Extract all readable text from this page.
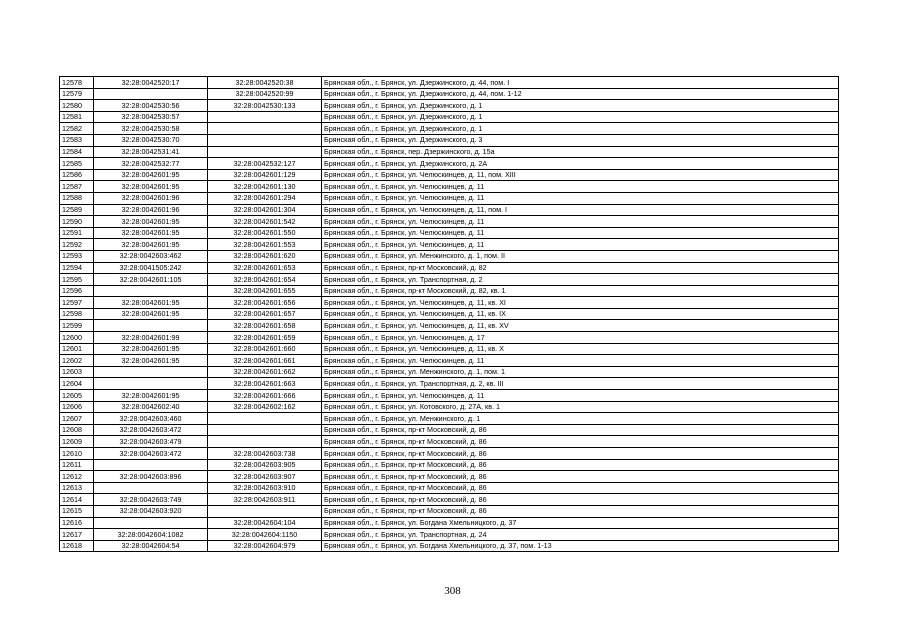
12578	32:28:0042520:17	32:28:0042520:38	Брянская обл., г. Брянск, ул. Дзержинского, д. 44, пом. I
12579		32:28:0042520:99	Брянская обл., г. Брянск, ул. Дзержинского, д. 44, пом. 1-12
12580	32:28:0042530:56	32:28:0042530:133	Брянская обл., г. Брянск, ул. Дзержинского, д. 1
12581	32:28:0042530:57		Брянская обл., г. Брянск, ул. Дзержинского, д. 1
12582	32:28:0042530:58		Брянская обл., г. Брянск, ул. Дзержинского, д. 1
12583	32:28:0042530:70		Брянская обл., г. Брянск, ул. Дзержинского, д. 3
12584	32:28:0042531:41		Брянская обл., г. Брянск, пер. Дзержинского, д. 15а
12585	32:28:0042532:77	32:28:0042532:127	Брянская обл., г. Брянск, ул. Дзержинского, д. 2А
12586	32:28:0042601:95	32:28:0042601:129	Брянская обл., г. Брянск, ул. Челюскинцев, д. 11, пом. XIII
12587	32:28:0042601:95	32:28:0042601:130	Брянская обл., г. Брянск, ул. Челюскинцев, д. 11
12588	32:28:0042601:96	32:28:0042601:294	Брянская обл., г. Брянск, ул. Челюскинцев, д. 11
12589	32:28:0042601:96	32:28:0042601:304	Брянская обл., г. Брянск, ул. Челюскинцев, д. 11, пом. I
12590	32:28:0042601:95	32:28:0042601:542	Брянская обл., г. Брянск, ул. Челюскинцев, д. 11
12591	32:28:0042601:95	32:28:0042601:550	Брянская обл., г. Брянск, ул. Челюскинцев, д. 11
12592	32:28:0042601:95	32:28:0042601:553	Брянская обл., г. Брянск, ул. Челюскинцев, д. 11
12593	32:28:0042603:462	32:28:0042601:620	Брянская обл., г. Брянск, ул. Менжинского, д. 1, пом. II
12594	32:28:0041505:242	32:28:0042601:653	Брянская обл., г. Брянск, пр-кт Московский, д. 82
12595	32:28:0042601:105	32:28:0042601:654	Брянская обл., г. Брянск, ул. Транспортная, д. 2
12596		32:28:0042601:655	Брянская обл., г. Брянск, пр-кт Московский, д. 82, кв. 1
12597	32:28:0042601:95	32:28:0042601:656	Брянская обл., г. Брянск, ул. Челюскинцев, д. 11, кв. XI
12598	32:28:0042601:95	32:28:0042601:657	Брянская обл., г. Брянск, ул. Челюскинцев, д. 11, кв. IX
12599		32:28:0042601:658	Брянская обл., г. Брянск, ул. Челюскинцев, д. 11, кв. XV
12600	32:28:0042601:99	32:28:0042601:659	Брянская обл., г. Брянск, ул. Челюскинцев, д. 17
12601	32:28:0042601:95	32:28:0042601:660	Брянская обл., г. Брянск, ул. Челюскинцев, д. 11, кв. X
12602	32:28:0042601:95	32:28:0042601:661	Брянская обл., г. Брянск, ул. Челюскинцев, д. 11
12603		32:28:0042601:662	Брянская обл., г. Брянск, ул. Менжинского, д. 1, пом. 1
12604		32:28:0042601:663	Брянская обл., г. Брянск, ул. Транспортная, д. 2, кв. III
12605	32:28:0042601:95	32:28:0042601:666	Брянская обл., г. Брянск, ул. Челюскинцев, д. 11
12606	32:28:0042602:40	32:28:0042602:162	Брянская обл., г. Брянск, ул. Котовского, д. 27А, кв. 1
12607	32:28:0042603:460		Брянская обл., г. Брянск, ул. Менжинского, д. 1
12608	32:28:0042603:472		Брянская обл., г. Брянск, пр-кт Московский, д. 86
12609	32:28:0042603:479		Брянская обл., г. Брянск, пр-кт Московский, д. 86
12610	32:28:0042603:472	32:28:0042603:738	Брянская обл., г. Брянск, пр-кт Московский, д. 86
12611		32:28:0042603:905	Брянская обл., г. Брянск, пр-кт Московский, д. 86
12612	32:28:0042603:896	32:28:0042603:907	Брянская обл., г. Брянск, пр-кт Московский, д. 86
12613		32:28:0042603:910	Брянская обл., г. Брянск, пр-кт Московский, д. 86
12614	32:28:0042603:749	32:28:0042603:911	Брянская обл., г. Брянск, пр-кт Московский, д. 86
12615	32:28:0042603:920		Брянская обл., г. Брянск, пр-кт Московский, д. 86
12616		32:28:0042604:104	Брянская обл., г. Брянск, ул. Богдана Хмельницкого, д. 37
12617	32:28:0042604:1082	32:28:0042604:1150	Брянская обл., г. Брянск, ул. Транспортная, д. 24
12618	32:28:0042604:54	32:28:0042604:979	Брянская обл., г. Брянск, ул. Богдана Хмельницкого, д. 37, пом. 1-13
308
